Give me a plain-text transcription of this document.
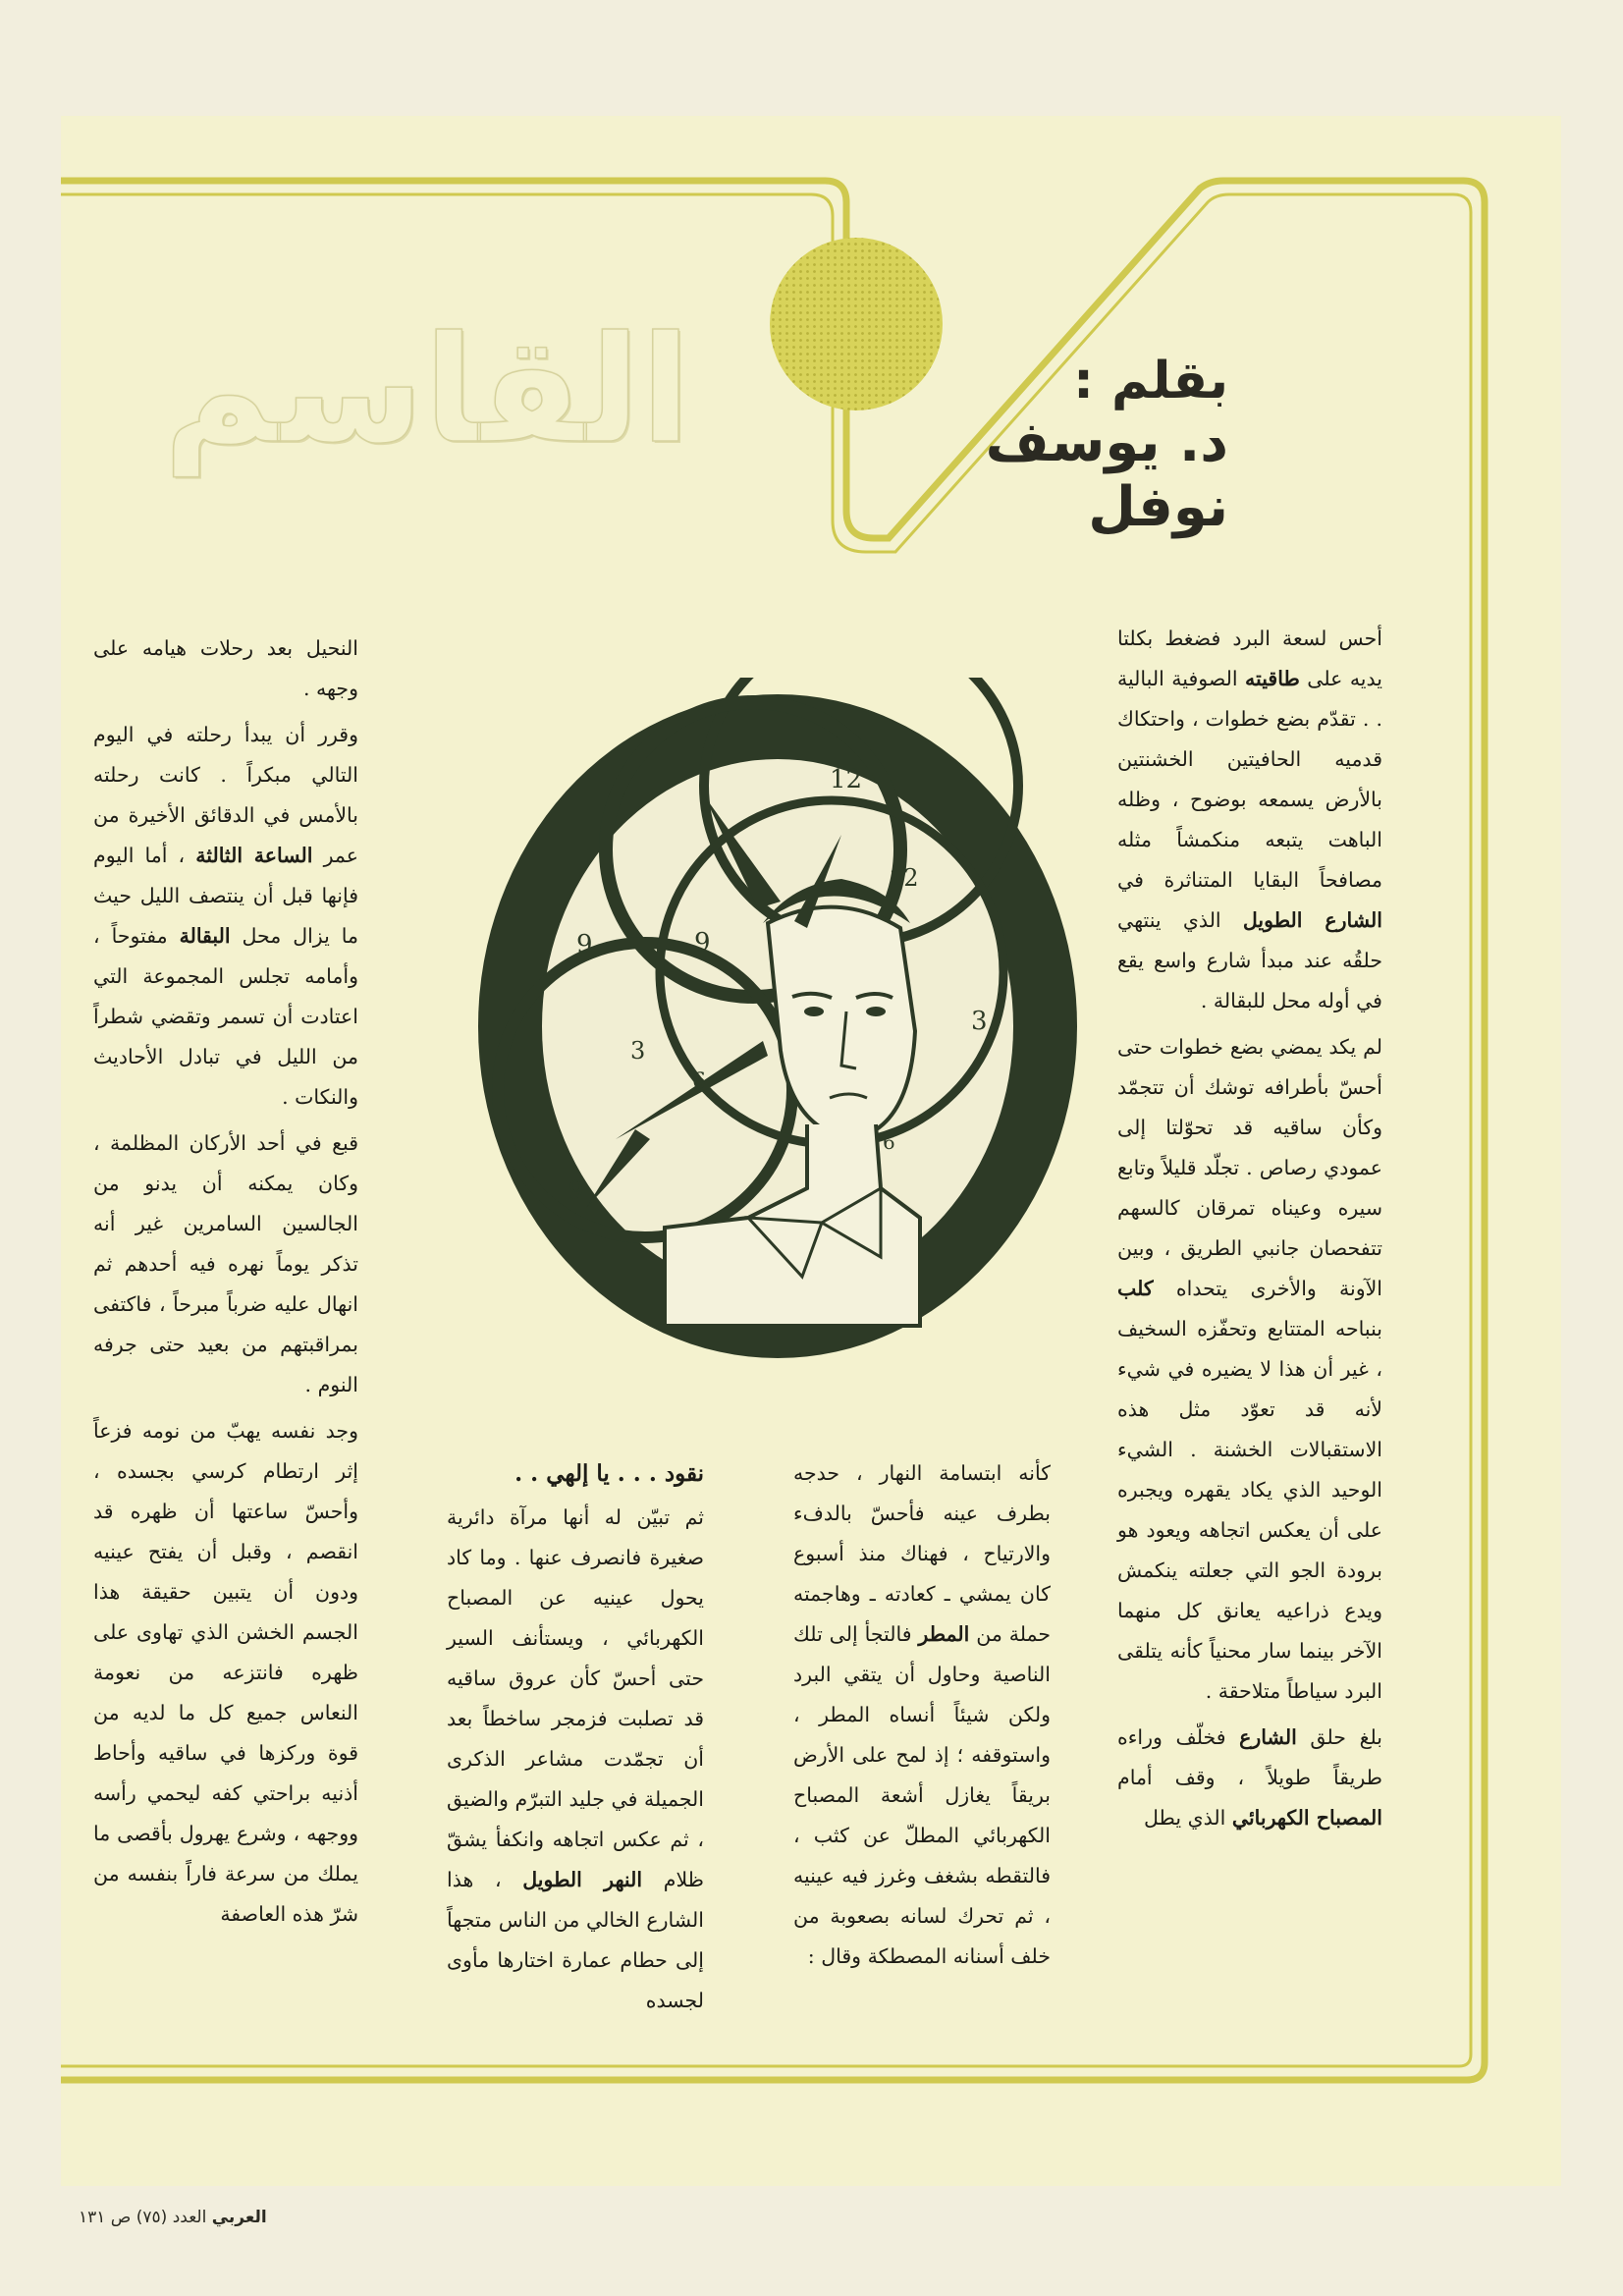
القاسم	بقلم :
د. يوسف نوفل
12
12
9	9
3
3
6
9
6

أحس لسعة البرد فضغط بكلتا يديه على طاقيته الصوفية البالية . . تقدّم بضع خطوات ، واحتكاك قدميه الحافيتين الخشنتين بالأرض يسمعه بوضوح ، وظله الباهت يتبعه منكمشاً مثله مصافحاً البقايا المتناثرة في الشارع الطويل الذي ينتهي حلقُه عند مبدأ شارع واسع يقع في أوله محل للبقالة .

لم يكد يمضي بضع خطوات حتى أحسّ بأطرافه توشك أن تتجمّد وكأن ساقيه قد تحوّلتا إلى عمودي رصاص . تجلّد قليلاً وتابع سيره وعيناه تمرقان كالسهم تتفحصان جانبي الطريق ، وبين الآونة والأخرى يتحداه كلب بنباحه المتتابع وتحفّزه السخيف ، غير أن هذا لا يضيره في شيء لأنه قد تعوّد مثل هذه الاستقبالات الخشنة . الشيء الوحيد الذي يكاد يقهره ويجبره على أن يعكس اتجاهه ويعود هو برودة الجو التي جعلته ينكمش ويدع ذراعيه يعانق كل منهما الآخر بينما سار محنياً كأنه يتلقى البرد سياطاً متلاحقة .

بلغ حلق الشارع فخلّف وراءه طريقاً طويلاً ، وقف أمام المصباح الكهربائي الذي يطل

كأنه ابتسامة النهار ، حدجه بطرف عينه فأحسّ بالدفء والارتياح ، فهناك منذ أسبوع كان يمشي ـ كعادته ـ وهاجمته حملة من المطر فالتجأ إلى تلك الناصية وحاول أن يتقي البرد ولكن شيئاً أنساه المطر ، واستوقفه ؛ إذ لمح على الأرض بريقاً يغازل أشعة المصباح الكهربائي المطلّ عن كثب ، فالتقطه بشغف وغرز فيه عينيه ، ثم تحرك لسانه بصعوبة من خلف أسنانه المصطكة وقال :

نقود . . . يا إلهي . .

ثم تبيّن له أنها مرآة دائرية صغيرة فانصرف عنها . وما كاد يحول عينيه عن المصباح الكهربائي ، ويستأنف السير حتى أحسّ كأن عروق ساقيه قد تصلبت فزمجر ساخطاً بعد أن تجمّدت مشاعر الذكرى الجميلة في جليد التبرّم والضيق ، ثم عكس اتجاهه وانكفأ يشقّ ظلام النهر الطويل ، هذا الشارع الخالي من الناس متجهاً إلى حطام عمارة اختارها مأوى لجسده

النحيل بعد رحلات هيامه على وجهه .

وقرر أن يبدأ رحلته في اليوم التالي مبكراً . كانت رحلته بالأمس في الدقائق الأخيرة من عمر الساعة الثالثة ، أما اليوم فإنها قبل أن ينتصف الليل حيث ما يزال محل البقالة مفتوحاً ، وأمامه تجلس المجموعة التي اعتادت أن تسمر وتقضي شطراً من الليل في تبادل الأحاديث والنكات .

قبع في أحد الأركان المظلمة ، وكان يمكنه أن يدنو من الجالسين السامرين غير أنه تذكر يوماً نهره فيه أحدهم ثم انهال عليه ضرباً مبرحاً ، فاكتفى بمراقبتهم من بعيد حتى جرفه النوم .

وجد نفسه يهبّ من نومه فزعاً إثر ارتطام كرسي بجسده ، وأحسّ ساعتها أن ظهره قد انقصم ، وقبل أن يفتح عينيه ودون أن يتبين حقيقة هذا الجسم الخشن الذي تهاوى على ظهره فانتزعه من نعومة النعاس جميع كل ما لديه من قوة وركزها في ساقيه وأحاط أذنيه براحتي كفه ليحمي رأسه ووجهه ، وشرع يهرول بأقصى ما يملك من سرعة فاراً بنفسه من شرّ هذه العاصفة

العربي العدد (٧٥) ص ١٣١
